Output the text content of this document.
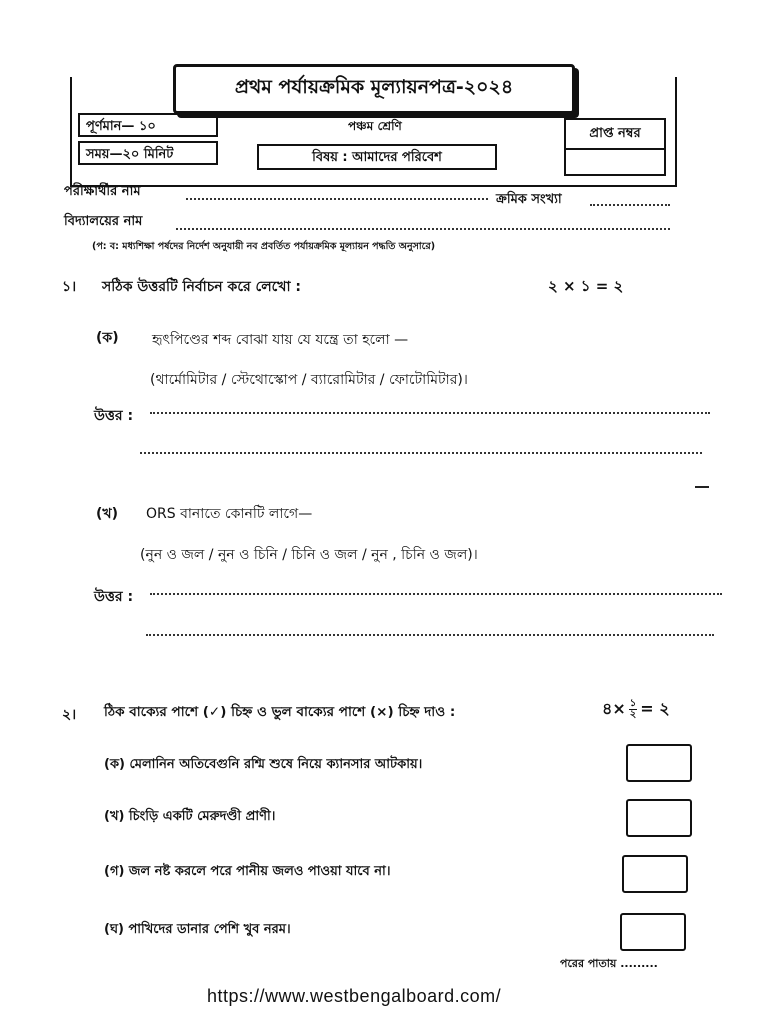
প্রথম পর্যায়ক্রমিক মূল্যায়নপত্র-২০২৪
পূর্ণমান— ১০
সময়—২০ মিনিট
পঞ্চম শ্রেণি
বিষয় : আমাদের পরিবেশ
প্রাপ্ত নম্বর
পরীক্ষার্থীর নাম
ক্রমিক সংখ্যা
বিদ্যালয়ের নাম
(প: ব: মধ্যশিক্ষা পর্ষদের নির্দেশ অনুযায়ী নব প্রবর্তিত পর্যায়ক্রমিক মূল্যায়ন পদ্ধতি অনুসারে)
১। সঠিক উত্তরটি নির্বাচন করে লেখো :	২ × ১ = ২
(ক) হৃৎপিণ্ডের শব্দ বোঝা যায় যে যন্ত্রে তা হলো —
(থার্মোমিটার / স্টেথোস্কোপ / ব্যারোমিটার / ফোটোমিটার)।
উত্তর :
(খ) ORS বানাতে কোনটি লাগে—
(নুন ও জল / নুন ও চিনি / চিনি ও জল / নুন , চিনি ও জল)।
উত্তর :
২। ঠিক বাক্যের পাশে (✓) চিহ্ন ও ভুল বাক্যের পাশে (×) চিহ্ন দাও :	৪× ১
২ = ২
(ক) মেলানিন অতিবেগুনি রশ্মি শুষে নিয়ে ক্যানসার আটকায়।
(খ) চিংড়ি একটি মেরুদণ্ডী প্রাণী।
(গ) জল নষ্ট করলে পরে পানীয় জলও পাওয়া যাবে না।
(ঘ) পাখিদের ডানার পেশি খুব নরম।
পরের পাতায় .........
https://www.westbengalboard.com/
